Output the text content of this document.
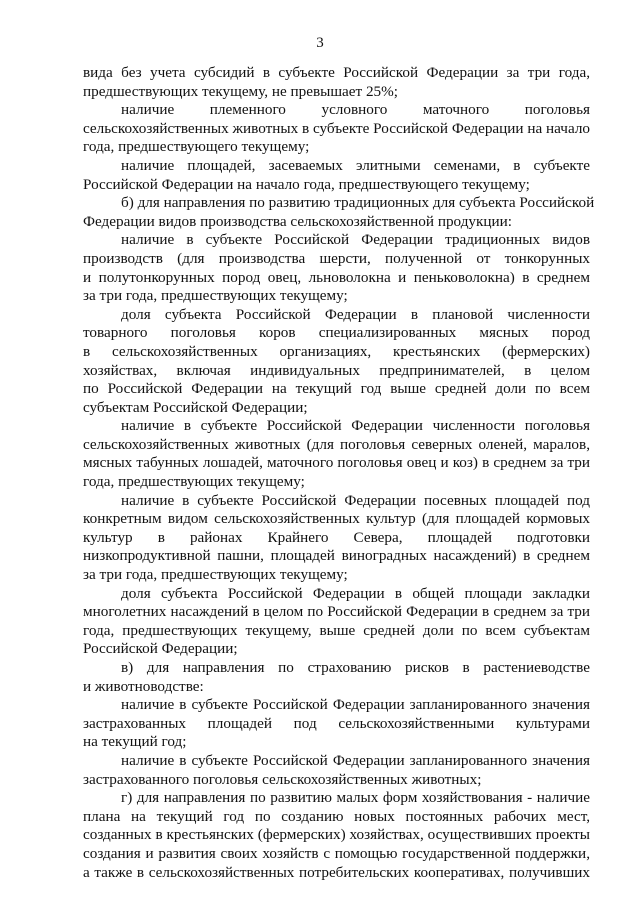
3
вида без учета субсидий в субъекте Российской Федерации за три года,
предшествующих текущему, не превышает 25%;
наличие племенного условного маточного поголовья
сельскохозяйственных животных в субъекте Российской Федерации на начало
года, предшествующего текущему;
наличие площадей, засеваемых элитными семенами, в субъекте
Российской Федерации на начало года, предшествующего текущему;
б) для направления по развитию традиционных для субъекта Российской
Федерации видов производства сельскохозяйственной продукции:
наличие в субъекте Российской Федерации традиционных видов
производств (для производства шерсти, полученной от тонкорунных
и полутонкорунных пород овец, льноволокна и пеньковолокна) в среднем
за три года, предшествующих текущему;
доля субъекта Российской Федерации в плановой численности
товарного поголовья коров специализированных мясных пород
в сельскохозяйственных организациях, крестьянских (фермерских)
хозяйствах, включая индивидуальных предпринимателей, в целом
по Российской Федерации на текущий год выше средней доли по всем
субъектам Российской Федерации;
наличие в субъекте Российской Федерации численности поголовья
сельскохозяйственных животных (для поголовья северных оленей, маралов,
мясных табунных лошадей, маточного поголовья овец и коз) в среднем за три
года, предшествующих текущему;
наличие в субъекте Российской Федерации посевных площадей под
конкретным видом сельскохозяйственных культур (для площадей кормовых
культур в районах Крайнего Севера, площадей подготовки
низкопродуктивной пашни, площадей виноградных насаждений) в среднем
за три года, предшествующих текущему;
доля субъекта Российской Федерации в общей площади закладки
многолетних насаждений в целом по Российской Федерации в среднем за три
года, предшествующих текущему, выше средней доли по всем субъектам
Российской Федерации;
в) для направления по страхованию рисков в растениеводстве
и животноводстве:
наличие в субъекте Российской Федерации запланированного значения
застрахованных площадей под сельскохозяйственными культурами
на текущий год;
наличие в субъекте Российской Федерации запланированного значения
застрахованного поголовья сельскохозяйственных животных;
г) для направления по развитию малых форм хозяйствования - наличие
плана на текущий год по созданию новых постоянных рабочих мест,
созданных в крестьянских (фермерских) хозяйствах, осуществивших проекты
создания и развития своих хозяйств с помощью государственной поддержки,
а также в сельскохозяйственных потребительских кооперативах, получивших
